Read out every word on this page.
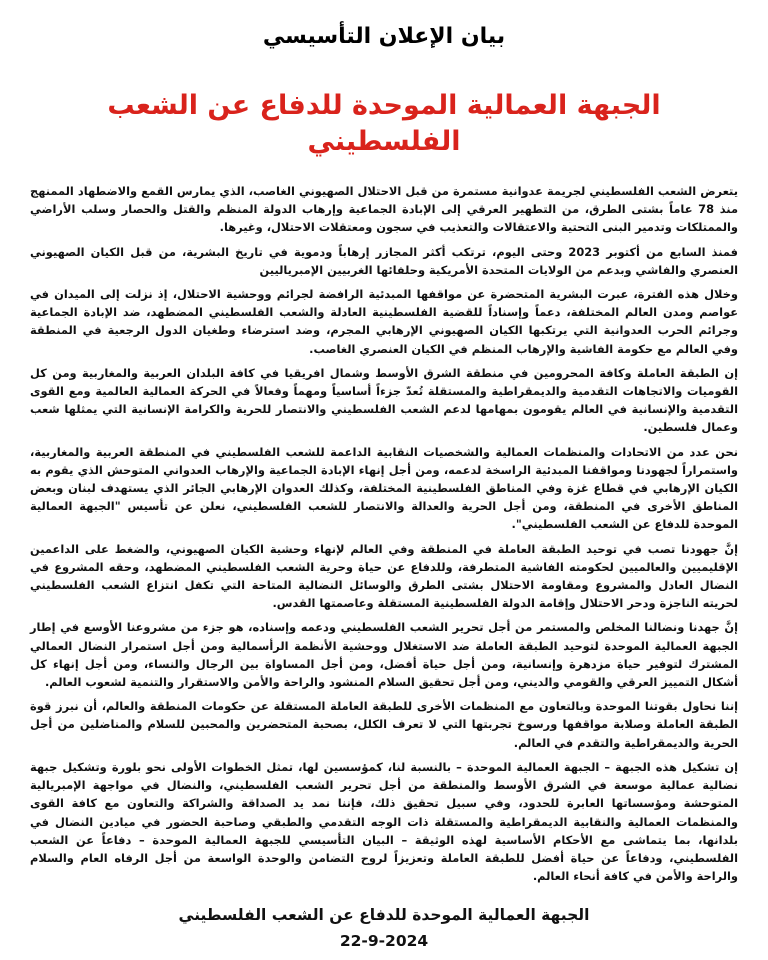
بيان الإعلان التأسيسي
الجبهة العمالية الموحدة للدفاع عن الشعب الفلسطيني

يتعرض الشعب الفلسطيني لجريمة عدوانية مستمرة من قبل الاحتلال الصهيوني الغاصب، الذي يمارس القمع والاضطهاد الممنهج منذ 78 عاماً بشتى الطرق، من التطهير العرقي إلى الإبادة الجماعية وإرهاب الدولة المنظم والقتل والحصار وسلب الأراضي والممتلكات وتدمير البنى التحتية والاعتقالات والتعذيب في سجون ومعتقلات الاحتلال، وغيرها.

فمنذ السابع من أكتوبر 2023 وحتى اليوم، ترتكب أكثر المجازر إرهاباً ودموية في تاريخ البشرية، من قبل الكيان الصهيوني العنصري والفاشي وبدعم من الولايات المتحدة الأمريكية وحلفائها الغربيين الإمبرياليين

وخلال هذه الفترة، عبرت البشرية المتحضرة عن مواقفها المبدئية الرافضة لجرائم ووحشية الاحتلال، إذ نزلت إلى الميدان في عواصم ومدن العالم المختلفة، دعماً وإسناداً للقضية الفلسطينية العادلة والشعب الفلسطيني المضطهد، ضد الإبادة الجماعية وجرائم الحرب العدوانية التي يرتكبها الكيان الصهيوني الإرهابي المجرم، وضد استرضاء وطغيان الدول الرجعية في المنطقة وفي العالم مع حكومة الفاشية والإرهاب المنظم في الكيان العنصري الغاصب.

إن الطبقة العاملة وكافة المحرومين في منطقة الشرق الأوسط وشمال افريقيا في كافة البلدان العربية والمغاربية ومن كل القوميات والاتجاهات التقدمية والديمقراطية والمستقلة تُعدّ جزءاً أساسياً ومهماً وفعالاً في الحركة العمالية العالمية ومع القوى التقدمية والإنسانية في العالم يقومون بمهامها لدعم الشعب الفلسطيني والانتصار للحرية والكرامة الإنسانية التي يمثلها شعب وعمال فلسطين.

نحن عدد من الاتحادات والمنظمات العمالية والشخصيات النقابية الداعمة للشعب الفلسطيني في المنطقة العربية والمغاربية، واستمراراً لجهودنا ومواقفنا المبدئية الراسخة لدعمه، ومن أجل إنهاء الإبادة الجماعية والإرهاب العدواني المتوحش الذي يقوم به الكيان الإرهابي في قطاع غزة وفي المناطق الفلسطينية المختلفة، وكذلك العدوان الإرهابي الجائر الذي يستهدف لبنان وبعض المناطق الأخرى في المنطقة، ومن أجل الحرية والعدالة والانتصار للشعب الفلسطيني، نعلن عن تأسيس "الجبهة العمالية الموحدة للدفاع عن الشعب الفلسطيني".

إنَّ جهودنا تصب في توحيد الطبقة العاملة في المنطقة وفي العالم لإنهاء وحشية الكيان الصهيوني، والضغط على الداعمين الإقليميين والعالميين لحكومته الفاشية المتطرفة، وللدفاع عن حياة وحرية الشعب الفلسطيني المضطهد، وحقه المشروع في النضال العادل والمشروع ومقاومة الاحتلال بشتى الطرق والوسائل النضالية المتاحة التي تكفل انتزاع الشعب الفلسطيني لحريته الناجزة ودحر الاحتلال وإقامة الدولة الفلسطينية المستقلة وعاصمتها القدس.

إنَّ جهدنا ونضالنا المخلص والمستمر من أجل تحرير الشعب الفلسطيني ودعمه وإسناده، هو جزء من مشروعنا الأوسع في إطار الجبهة العمالية الموحدة لتوحيد الطبقة العاملة ضد الاستغلال ووحشية الأنظمة الرأسمالية ومن أجل استمرار النضال العمالي المشترك لتوفير حياة مزدهرة وإنسانية، ومن أجل حياة أفضل، ومن أجل المساواة بين الرجال والنساء، ومن أجل إنهاء كل أشكال التمييز العرقي والقومي والديني، ومن أجل تحقيق السلام المنشود والراحة والأمن والاستقرار والتنمية لشعوب العالم.

إننا نحاول بقوتنا الموحدة وبالتعاون مع المنظمات الأخرى للطبقة العاملة المستقلة عن حكومات المنطقة والعالم، أن نبرز قوة الطبقة العاملة وصلابة مواقفها ورسوخ تجربتها التي لا تعرف الكلل، بصحبة المتحضرين والمحبين للسلام والمناضلين من أجل الحرية والديمقراطية والتقدم في العالم.

إن تشكيل هذه الجبهة – الجبهة العمالية الموحدة – بالنسبة لنا، كمؤسسين لها، تمثل الخطوات الأولى نحو بلورة وتشكيل جبهة نضالية عمالية موسعة في الشرق الأوسط والمنطقة من أجل تحرير الشعب الفلسطيني، والنضال في مواجهة الإمبريالية المتوحشة ومؤسساتها العابرة للحدود، وفي سبيل تحقيق ذلك، فإننا نمد يد الصداقة والشراكة والتعاون مع كافة القوى والمنظمات العمالية والنقابية الديمقراطية والمستقلة ذات الوجه التقدمي والطبقي وصاحبة الحضور في ميادين النضال في بلدانها، بما يتماشى مع الأحكام الأساسية لهذه الوثيقة – البيان التأسيسي للجبهة العمالية الموحدة – دفاعاً عن الشعب الفلسطيني، ودفاعاً عن حياة أفضل للطبقة العاملة وتعزيزاً لروح التضامن والوحدة الواسعة من أجل الرفاه العام والسلام والراحة والأمن في كافة أنحاء العالم.

الجبهة العمالية الموحدة للدفاع عن الشعب الفلسطيني
22-9-2024
